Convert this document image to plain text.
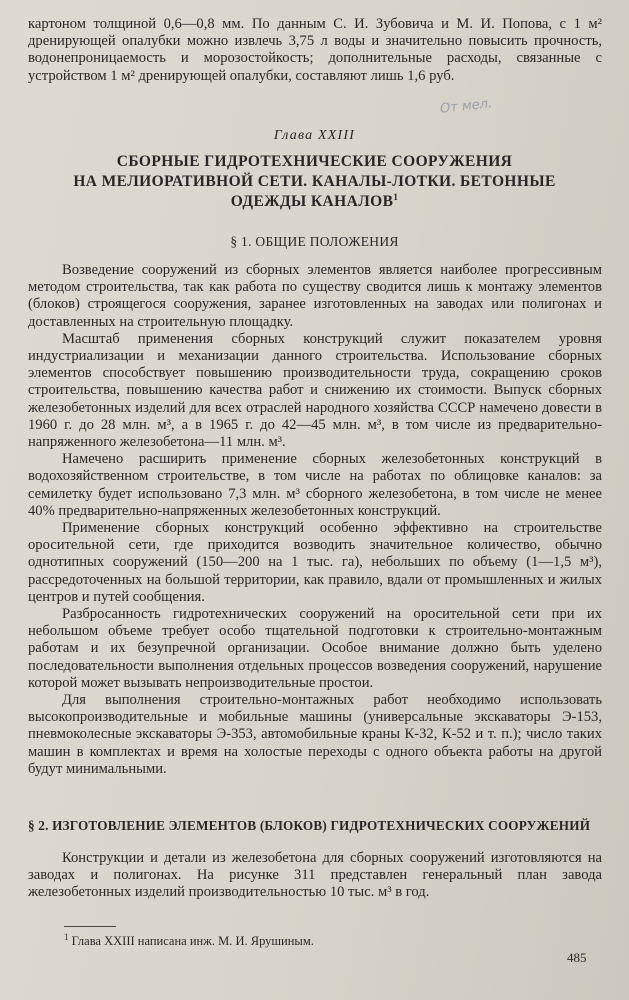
картоном толщиной 0,6—0,8 мм. По данным С. И. Зубовича и М. И. Попова, с 1 м² дренирующей опалубки можно извлечь 3,75 л воды и значительно повысить прочность, водонепроницаемость и морозостойкость; дополнительные расходы, связанные с устройством 1 м² дренирующей опалубки, составляют лишь 1,6 руб.

От мел.
Глава XXIII
СБОРНЫЕ ГИДРОТЕХНИЧЕСКИЕ СООРУЖЕНИЯ
НА МЕЛИОРАТИВНОЙ СЕТИ. КАНАЛЫ-ЛОТКИ. БЕТОННЫЕ
ОДЕЖДЫ КАНАЛОВ$^1$
§ 1. ОБЩИЕ ПОЛОЖЕНИЯ

Возведение сооружений из сборных элементов является наиболее прогрессивным методом строительства, так как работа по существу сводится лишь к монтажу элементов (блоков) строящегося сооружения, заранее изготовленных на заводах или полигонах и доставленных на строительную площадку.

Масштаб применения сборных конструкций служит показателем уровня индустриализации и механизации данного строительства. Использование сборных элементов способствует повышению производительности труда, сокращению сроков строительства, повышению качества работ и снижению их стоимости. Выпуск сборных железобетонных изделий для всех отраслей народного хозяйства СССР намечено довести в 1960 г. до 28 млн. м³, а в 1965 г. до 42—45 млн. м³, в том числе из предварительно-напряженного железобетона—11 млн. м³.

Намечено расширить применение сборных железобетонных конструкций в водохозяйственном строительстве, в том числе на работах по облицовке каналов: за семилетку будет использовано 7,3 млн. м³ сборного железобетона, в том числе не менее 40% предварительно-напряженных железобетонных конструкций.

Применение сборных конструкций особенно эффективно на строительстве оросительной сети, где приходится возводить значительное количество, обычно однотипных сооружений (150—200 на 1 тыс. га), небольших по объему (1—1,5 м³), рассредоточенных на большой территории, как правило, вдали от промышленных и жилых центров и путей сообщения.

Разбросанность гидротехнических сооружений на оросительной сети при их небольшом объеме требует особо тщательной подготовки к строительно-монтажным работам и их безупречной организации. Особое внимание должно быть уделено последовательности выполнения отдельных процессов возведения сооружений, нарушение которой может вызывать непроизводительные простои.

Для выполнения строительно-монтажных работ необходимо использовать высокопроизводительные и мобильные машины (универсальные экскаваторы Э-153, пневмоколесные экскаваторы Э-353, автомобильные краны К-32, К-52 и т. п.); число таких машин в комплектах и время на холостые переходы с одного объекта работы на другой будут минимальными.

§ 2. ИЗГОТОВЛЕНИЕ ЭЛЕМЕНТОВ (БЛОКОВ) ГИДРОТЕХНИЧЕСКИХ СООРУЖЕНИЙ

Конструкции и детали из железобетона для сборных сооружений изготовляются на заводах и полигонах. На рисунке 311 представлен генеральный план завода железобетонных изделий производительностью 10 тыс. м³ в год.

$^1$ Глава XXIII написана инж. М. И. Ярушиным.
485
